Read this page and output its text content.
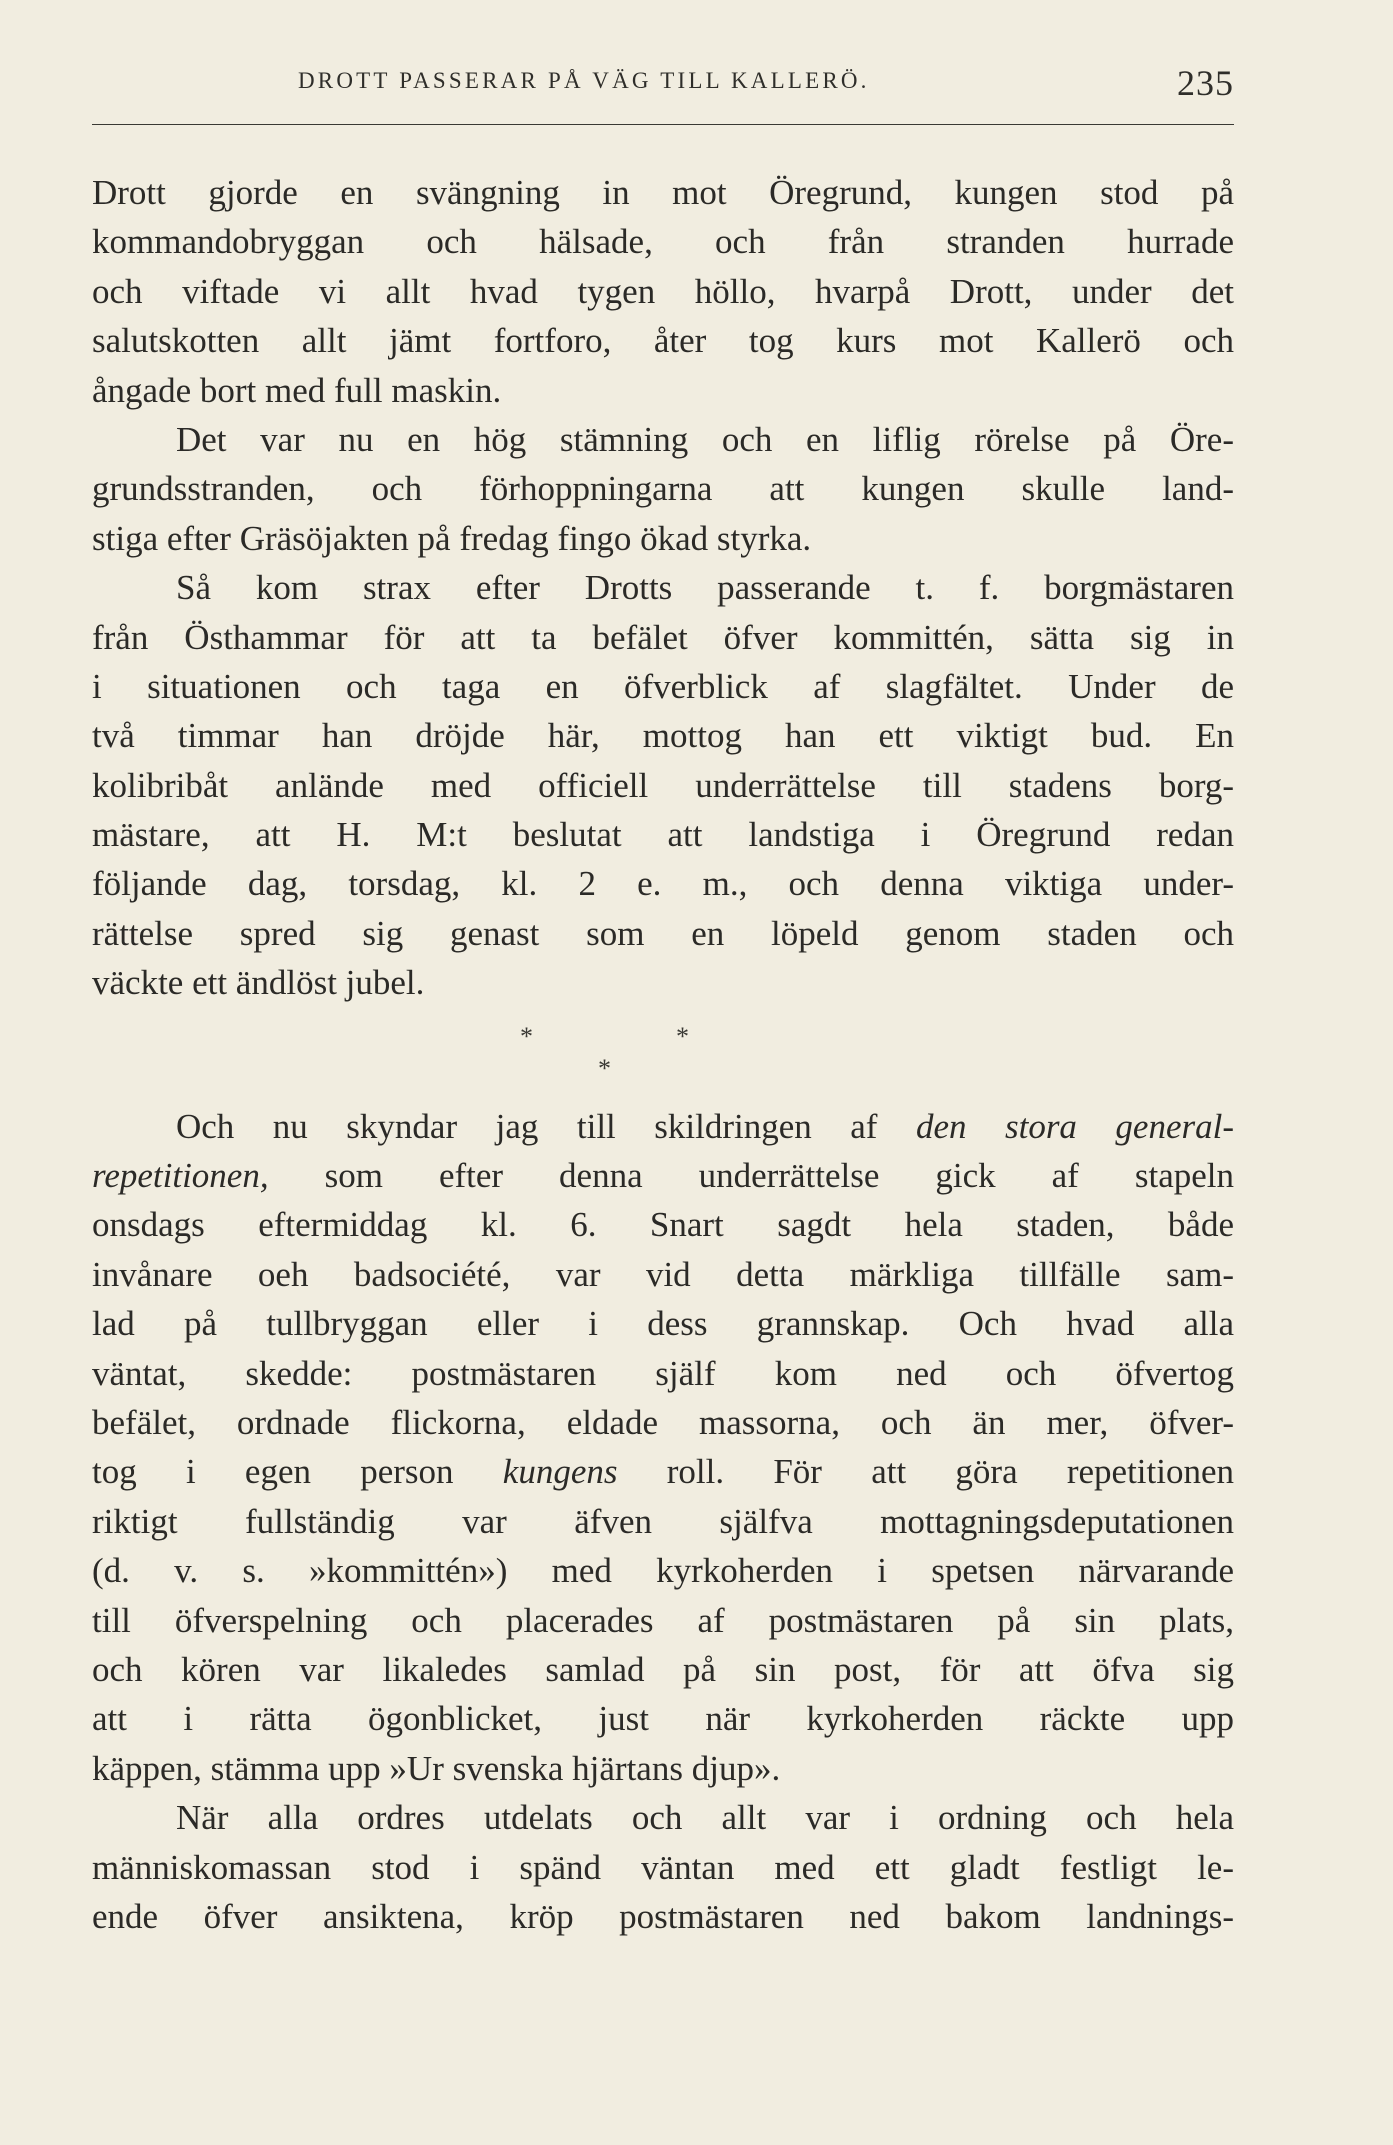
DROTT PASSERAR PÅ VÄG TILL KALLERÖ.	235
Drott gjorde en svängning in mot Öregrund, kungen stod på
kommandobryggan och hälsade, och från stranden hurrade
och viftade vi allt hvad tygen höllo, hvarpå Drott, under det
salutskotten allt jämt fortforo, åter tog kurs mot Kallerö och
ångade bort med full maskin.
Det var nu en hög stämning och en liflig rörelse på Öre-
grundsstranden, och förhoppningarna att kungen skulle land-
stiga efter Gräsöjakten på fredag fingo ökad styrka.
Så kom strax efter Drotts passerande t. f. borgmästaren
från Östhammar för att ta befälet öfver kommittén, sätta sig in
i situationen och taga en öfverblick af slagfältet. Under de
två timmar han dröjde här, mottog han ett viktigt bud. En
kolibribåt anlände med officiell underrättelse till stadens borg-
mästare, att H. M:t beslutat att landstiga i Öregrund redan
följande dag, torsdag, kl. 2 e. m., och denna viktiga under-
rättelse spred sig genast som en löpeld genom staden och
väckte ett ändlöst jubel.
Och nu skyndar jag till skildringen af den stora general-
repetitionen, som efter denna underrättelse gick af stapeln
onsdags eftermiddag kl. 6. Snart sagdt hela staden, både
invånare oeh badsociété, var vid detta märkliga tillfälle sam-
lad på tullbryggan eller i dess grannskap. Och hvad alla
väntat, skedde: postmästaren själf kom ned och öfvertog
befälet, ordnade flickorna, eldade massorna, och än mer, öfver-
tog i egen person kungens roll. För att göra repetitionen
riktigt fullständig var äfven själfva mottagningsdeputationen
(d. v. s. »kommittén») med kyrkoherden i spetsen närvarande
till öfverspelning och placerades af postmästaren på sin plats,
och kören var likaledes samlad på sin post, för att öfva sig
att i rätta ögonblicket, just när kyrkoherden räckte upp
käppen, stämma upp »Ur svenska hjärtans djup».
När alla ordres utdelats och allt var i ordning och hela
människomassan stod i spänd väntan med ett gladt festligt le-
ende öfver ansiktena, kröp postmästaren ned bakom landnings-
*	*
*
